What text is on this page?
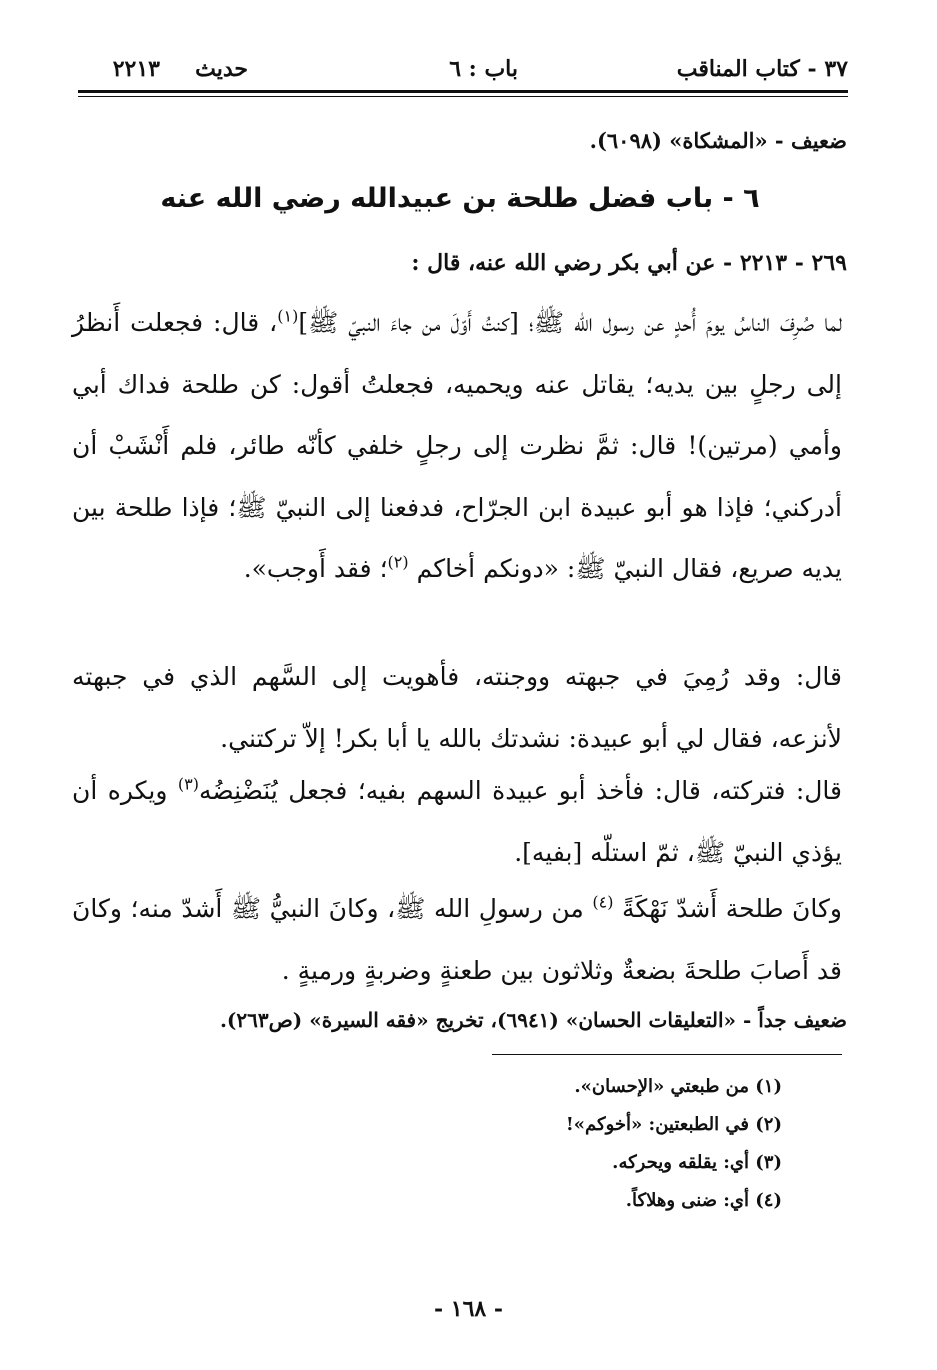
٣٧ - كتاب المناقب
باب : ٦
حديث
٢٢١٣
ضعيف - «المشكاة» (٦٠٩٨).
٦ - باب فضل طلحة بن عبيدالله رضي الله عنه
٢٦٩ - ٢٢١٣ - عن أبي بكر رضي الله عنه، قال :
لما صُرِفَ الناسُ يومَ أُحدٍ عن رسول الله ﷺ؛ [كنتُ أَوّلَ من جاءَ النبيّ ﷺ]$^{(١)}$، قال: فجعلت أَنظرُ إلى رجلٍ بين يديه؛ يقاتل عنه ويحميه، فجعلتُ أقول: كن طلحة فداك أبي وأمي (مرتين)! قال: ثمَّ نظرت إلى رجلٍ خلفي كأنّه طائر، فلم أَنْشَبْ أن أدركني؛ فإذا هو أبو عبيدة ابن الجرّاح، فدفعنا إلى النبيّ ﷺ؛ فإذا طلحة بين يديه صريع، فقال النبيّ ﷺ: «دونكم أخاكم $^{(٢)}$؛ فقد أَوجب».
قال: وقد رُمِيَ في جبهته ووجنته، فأهويت إلى السَّهم الذي في جبهته لأنزعه، فقال لي أبو عبيدة: نشدتك بالله يا أبا بكر! إلاّ تركتني.
قال: فتركته، قال: فأخذ أبو عبيدة السهم بفيه؛ فجعل يُنَضْنِضُه$^{(٣)}$ ويكره أن يؤذي النبيّ ﷺ، ثمّ استلّه [بفيه].
وكانَ طلحة أَشدّ نَهْكَةً $^{(٤)}$ من رسولِ الله ﷺ، وكانَ النبيُّ ﷺ أَشدّ منه؛ وكانَ قد أَصابَ طلحةَ بضعةٌ وثلاثون بين طعنةٍ وضربةٍ ورميةٍ .
ضعيف جداً - «التعليقات الحسان» (٦٩٤١)، تخريج «فقه السيرة» (ص٢٦٣).
(١) من طبعتي «الإحسان».
(٢) في الطبعتين: «أخوكم»!
(٣) أي: يقلقه ويحركه.
(٤) أي: ضنى وهلاكاً.
- ١٦٨ -
